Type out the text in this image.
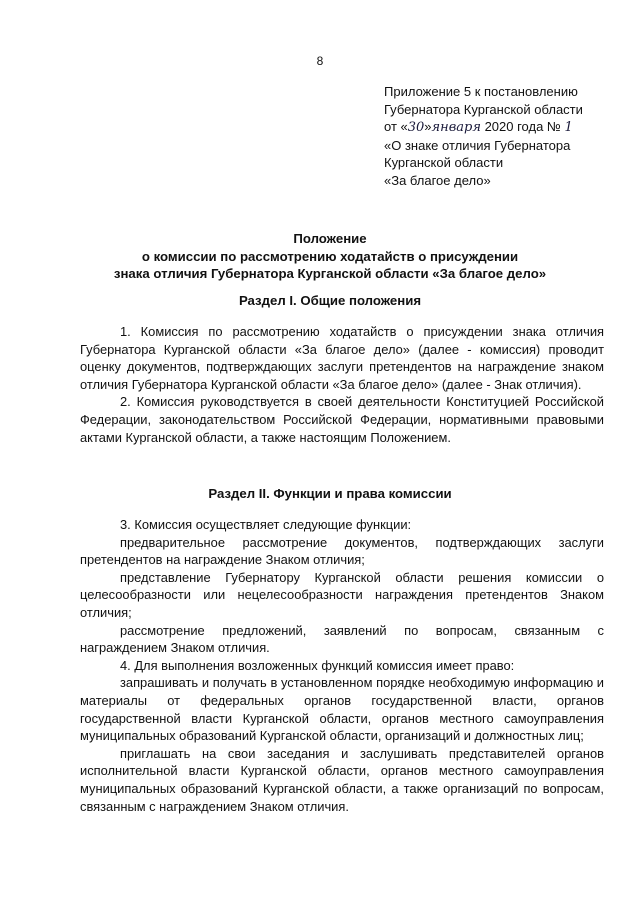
8
Приложение 5 к постановлению
Губернатора Курганской области
от «30»января 2020 года № 1
«О знаке отличия Губернатора
Курганской области
«За благое дело»
Положение
о комиссии по рассмотрению ходатайств о присуждении
знака отличия Губернатора Курганской области «За благое дело»
Раздел I. Общие положения

1. Комиссия по рассмотрению ходатайств о присуждении знака отличия Губернатора Курганской области «За благое дело» (далее - комиссия) проводит оценку документов, подтверждающих заслуги претендентов на награждение знаком отличия Губернатора Курганской области «За благое дело» (далее - Знак отличия).

2. Комиссия руководствуется в своей деятельности Конституцией Российской Федерации, законодательством Российской Федерации, нормативными правовыми актами Курганской области, а также настоящим Положением.

Раздел II. Функции и права комиссии

3. Комиссия осуществляет следующие функции:

предварительное рассмотрение документов, подтверждающих заслуги претендентов на награждение Знаком отличия;

представление Губернатору Курганской области решения комиссии о целесообразности или нецелесообразности награждения претендентов Знаком отличия;

рассмотрение предложений, заявлений по вопросам, связанным с награждением Знаком отличия.

4. Для выполнения возложенных функций комиссия имеет право:

запрашивать и получать в установленном порядке необходимую информацию и материалы от федеральных органов государственной власти, органов государственной власти Курганской области, органов местного самоуправления муниципальных образований Курганской области, организаций и должностных лиц;

приглашать на свои заседания и заслушивать представителей органов исполнительной власти Курганской области, органов местного самоуправления муниципальных образований Курганской области, а также организаций по вопросам, связанным с награждением Знаком отличия.
